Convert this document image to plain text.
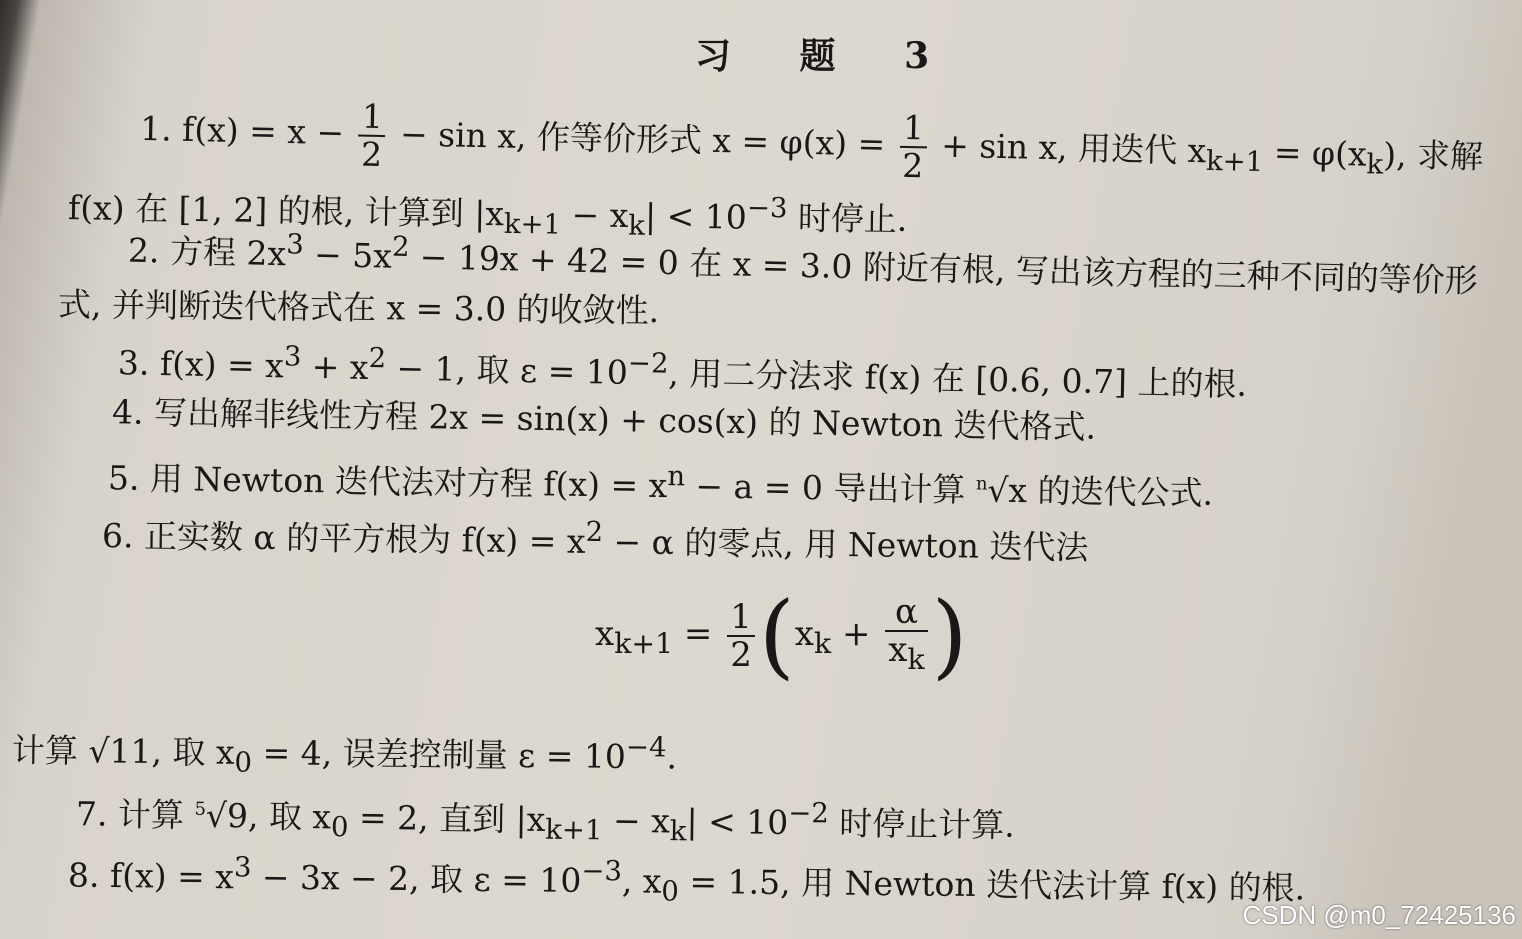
习 题 3
1. $f(x) = x - \frac{1}{2} - \sin x$, 作等价形式 $x = \varphi(x) = \frac{1}{2} + \sin x$, 用迭代 $x_{k+1} = \varphi(x_k)$, 求解
f(x) 在 [1, 2] 的根, 计算到 $|x_{k+1} - x_k| < 10^{-3}$ 时停止.
2. 方程 $2x^3 - 5x^2 - 19x + 42 = 0$ 在 x = 3.0 附近有根, 写出该方程的三种不同的等价形
式, 并判断迭代格式在 x = 3.0 的收敛性.
3. $f(x) = x^3 + x^2 - 1$, 取 $\varepsilon = 10^{-2}$, 用二分法求 f(x) 在 [0.6, 0.7] 上的根.
4. 写出解非线性方程 2x = sin(x) + cos(x) 的 Newton 迭代格式.
5. 用 Newton 迭代法对方程 $f(x) = x^n - a = 0$ 导出计算 $^n$√x 的迭代公式.
6. 正实数 α 的平方根为 $f(x) = x^2 - \alpha$ 的零点, 用 Newton 迭代法
$x_{k+1} = \frac{1}{2} (x_k + \frac{\alpha}{x_k}$ )
计算 √11, 取 $x_0 = 4$, 误差控制量 $\varepsilon = 10^{-4}$.
7. 计算 $^5$√9, 取 $x_0 = 2$, 直到 $|x_{k+1} - x_k| < 10^{-2}$ 时停止计算.
8. $f(x) = x^3 - 3x - 2$, 取 $\varepsilon = 10^{-3}$, $x_0 = 1.5$, 用 Newton 迭代法计算 f(x) 的根.
CSDN @m0_72425136
